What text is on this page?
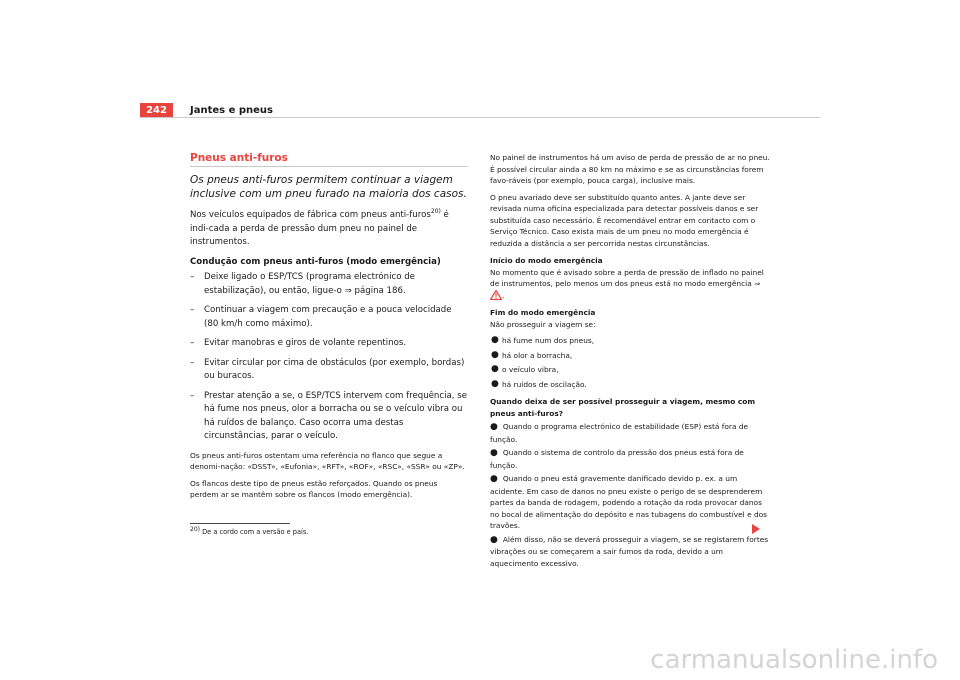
242	Jantes e pneus
Pneus anti-furos

Os pneus anti-furos permitem continuar a viagem inclusive com um pneu furado na maioria dos casos.

Nos veículos equipados de fábrica com pneus anti-furos$^{20)}$ é indi-cada a perda de pressão dum pneu no painel de instrumentos.

Condução com pneus anti-furos (modo emergência)

– Deixe ligado o ESP/TCS (programa electrónico de estabilização), ou então, ligue-o ⇒ página 186.
– Continuar a viagem com precaução e a pouca velocidade (80 km/h como máximo).
– Evitar manobras e giros de volante repentinos.
– Evitar circular por cima de obstáculos (por exemplo, bordas) ou buracos.
– Prestar atenção a se, o ESP/TCS intervem com frequência, se há fume nos pneus, olor a borracha ou se o veículo vibra ou há ruídos de balanço. Caso ocorra uma destas circunstâncias, parar o veículo.

Os pneus anti-furos ostentam uma referência no flanco que segue a denomi-nação: «DSST», «Eufonia», «RFT», «ROF», «RSC», «SSR» ou «ZP».

Os flancos deste tipo de pneus estão reforçados. Quando os pneus perdem ar se mantêm sobre os flancos (modo emergência).

$^{20)}$ De a cordo com a versão e país.

No painel de instrumentos há um aviso de perda de pressão de ar no pneu. É possível circular ainda a 80 km no máximo e se as circunstâncias forem favo-ráveis (por exemplo, pouca carga), inclusive mais.

O pneu avariado deve ser substituído quanto antes. A jante deve ser revisada numa oficina especializada para detectar possíveis danos e ser substituída caso necessário. É recomendável entrar em contacto com o Serviço Técnico. Caso exista mais de um pneu no modo emergência é reduzida a distância a ser percorrida nestas circunstâncias.

Início do modo emergência

No momento que é avisado sobre a perda de pressão de inflado no painel de instrumentos, pelo menos um dos pneus está no modo emergência ⇒ .

Fim do modo emergência

Não prosseguir a viagem se:

● há fume num dos pneus,
● há olor a borracha,
● o veículo vibra,
● há ruídos de oscilação.

Quando deixa de ser possível prosseguir a viagem, mesmo com pneus anti-furos?

● Quando o programa electrónico de estabilidade (ESP) está fora de função.
● Quando o sistema de controlo da pressão dos pneus está fora de função.
● Quando o pneu está gravemente danificado devido p. ex. a um acidente. Em caso de danos no pneu existe o perigo de se desprenderem partes da banda de rodagem, podendo a rotação da roda provocar danos no bocal de alimentação do depósito e nas tubagens do combustível e dos travões.
● Além disso, não se deverá prosseguir a viagem, se se registarem fortes vibrações ou se começarem a sair fumos da roda, devido a um aquecimento excessivo.
carmanualsonline.info
